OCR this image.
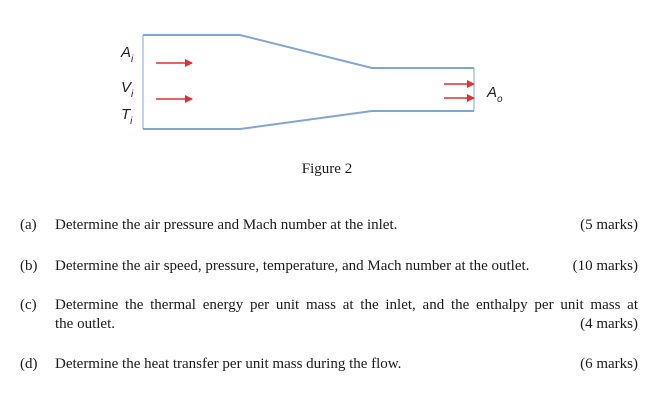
$A_i$
$V_i$
$T_i$
$A_o$
Figure 2
(a) Determine the air pressure and Mach number at the inlet.	(5 marks)
(b) Determine the air speed, pressure, temperature, and Mach number at the outlet.	(10 marks)
(c) Determine the thermal energy per unit mass at the inlet, and the enthalpy per unit mass at
the outlet.	(4 marks)
(d) Determine the heat transfer per unit mass during the flow.	(6 marks)
